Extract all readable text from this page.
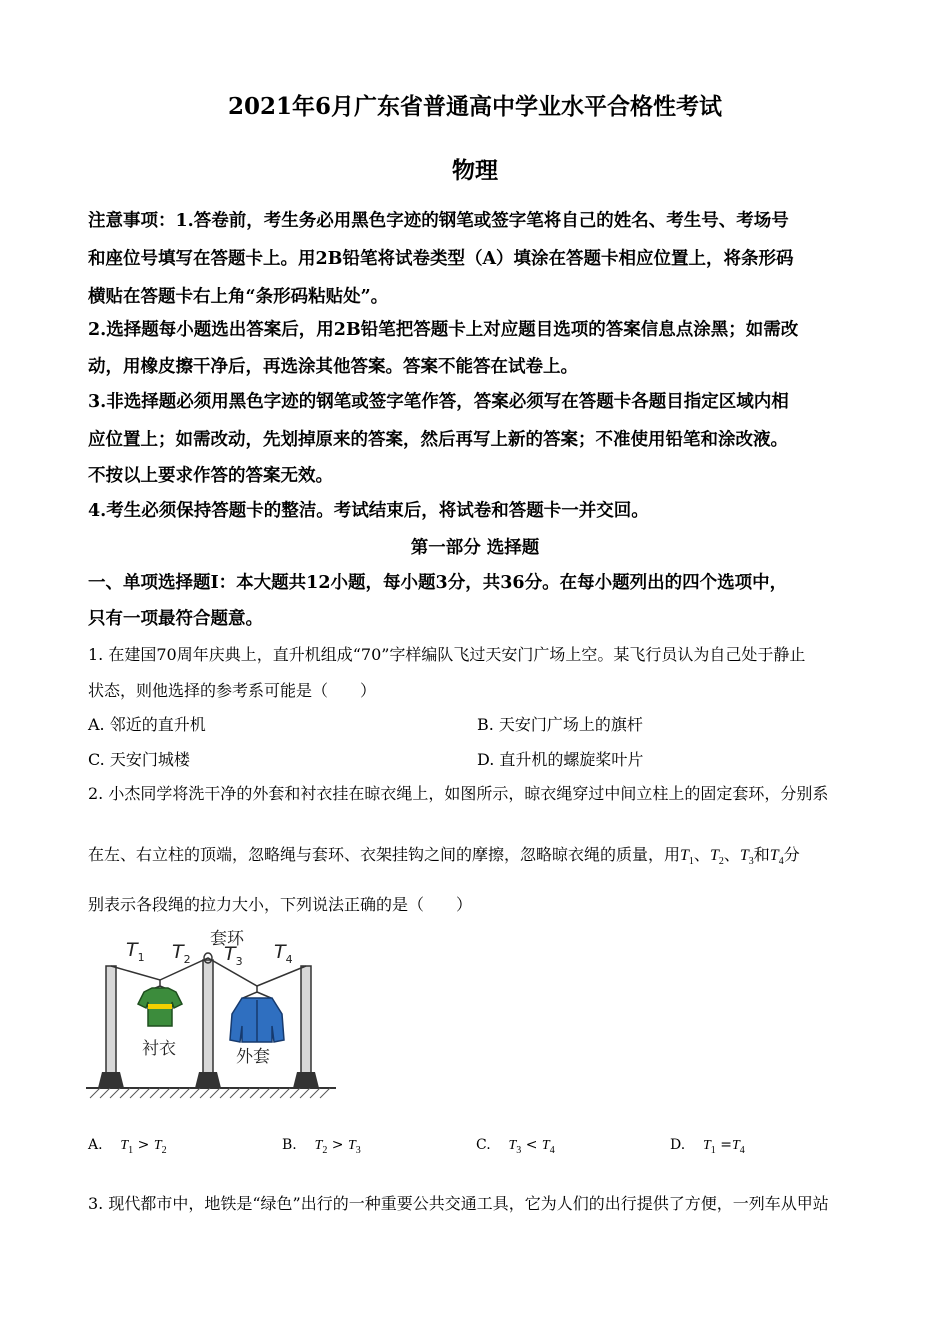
2021年6月广东省普通高中学业水平合格性考试
物理
注意事项：1.答卷前，考生务必用黑色字迹的钢笔或签字笔将自己的姓名、考生号、考场号
和座位号填写在答题卡上。用2B铅笔将试卷类型（A）填涂在答题卡相应位置上，将条形码
横贴在答题卡右上角“条形码粘贴处”。
2.选择题每小题选出答案后，用2B铅笔把答题卡上对应题目选项的答案信息点涂黑；如需改
动，用橡皮擦干净后，再选涂其他答案。答案不能答在试卷上。
3.非选择题必须用黑色字迹的钢笔或签字笔作答，答案必须写在答题卡各题目指定区域内相
应位置上；如需改动，先划掉原来的答案，然后再写上新的答案；不准使用铅笔和涂改液。
不按以上要求作答的答案无效。
4.考生必须保持答题卡的整洁。考试结束后，将试卷和答题卡一并交回。
第一部分 选择题
一、单项选择题Ⅰ：本大题共12小题，每小题3分，共36分。在每小题列出的四个选项中，
只有一项最符合题意。
1. 在建国70周年庆典上，直升机组成“70”字样编队飞过天安门广场上空。某飞行员认为自己处于静止
状态，则他选择的参考系可能是（　　）
A. 邻近的直升机	B. 天安门广场上的旗杆
C. 天安门城楼	D. 直升机的螺旋桨叶片
2. 小杰同学将洗干净的外套和衬衣挂在晾衣绳上，如图所示，晾衣绳穿过中间立柱上的固定套环，分别系
在左、右立柱的顶端，忽略绳与套环、衣架挂钩之间的摩擦，忽略晾衣绳的质量，用$T_1$、$T_2$、$T_3$和$T_4$分
别表示各段绳的拉力大小，下列说法正确的是（　　）
套环
衬衣	外套
$T_1$ $T_2$ $T_3$ $T_4$
A. $T_1 > T_2$	B. $T_2 > T_3$	C. $T_3 < T_4$	D. $T_1 =T_4$
3. 现代都市中，地铁是“绿色”出行的一种重要公共交通工具，它为人们的出行提供了方便，一列车从甲站
